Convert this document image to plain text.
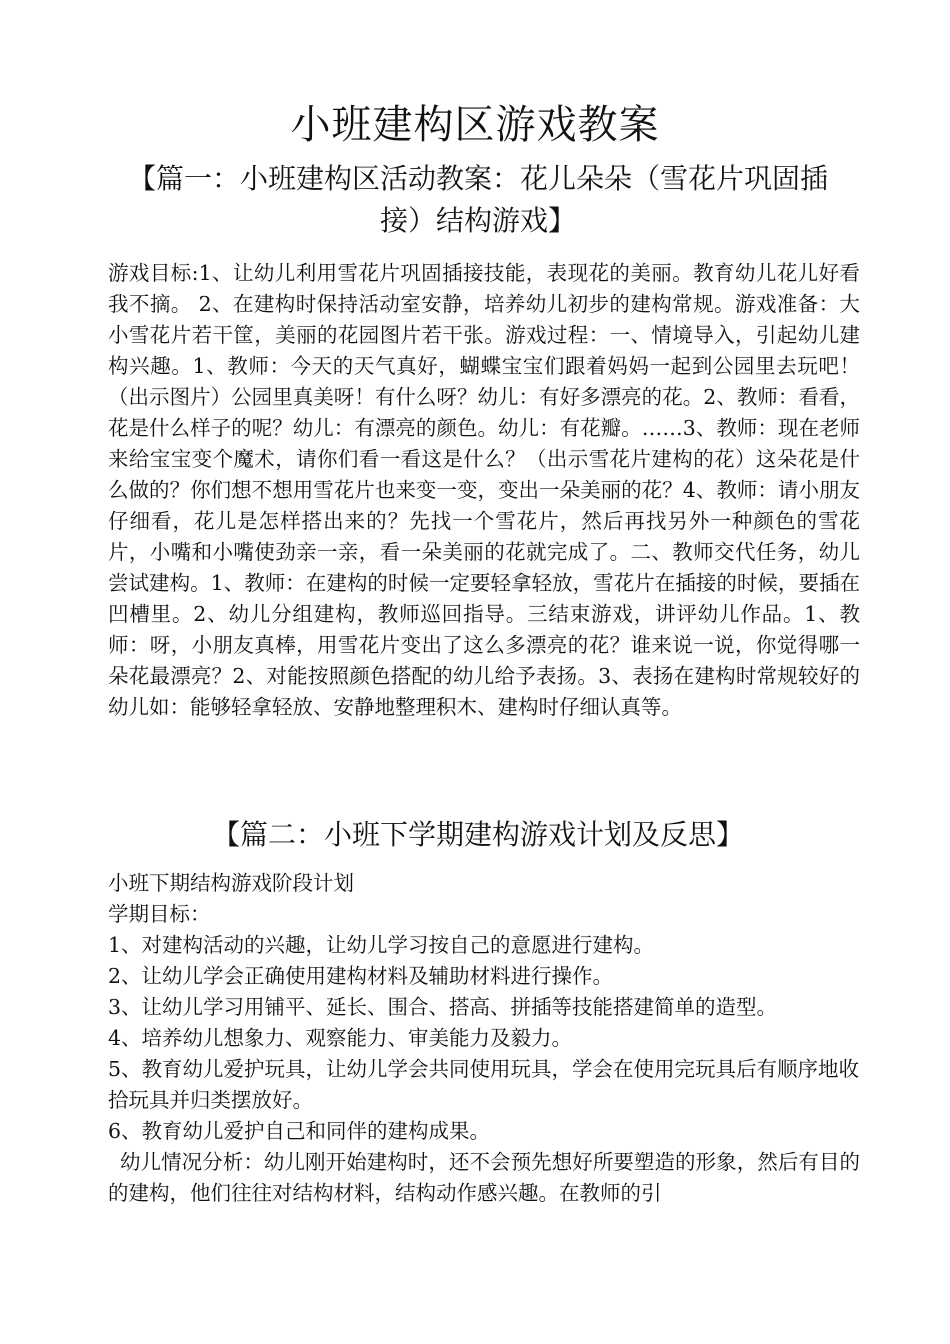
小班建构区游戏教案
【篇一：小班建构区活动教案：花儿朵朵（雪花片巩固插接）结构游戏】

游戏目标:1、让幼儿利用雪花片巩固插接技能，表现花的美丽。教育幼儿花儿好看我不摘。 2、在建构时保持活动室安静，培养幼儿初步的建构常规。游戏准备：大小雪花片若干筐，美丽的花园图片若干张。游戏过程：一、情境导入，引起幼儿建构兴趣。1、教师：今天的天气真好，蝴蝶宝宝们跟着妈妈一起到公园里去玩吧！（出示图片）公园里真美呀！有什么呀？幼儿：有好多漂亮的花。2、教师：看看，花是什么样子的呢？幼儿：有漂亮的颜色。幼儿：有花瓣。……3、教师：现在老师来给宝宝变个魔术，请你们看一看这是什么？（出示雪花片建构的花）这朵花是什么做的？你们想不想用雪花片也来变一变，变出一朵美丽的花？4、教师：请小朋友仔细看，花儿是怎样搭出来的？先找一个雪花片，然后再找另外一种颜色的雪花片，小嘴和小嘴使劲亲一亲，看一朵美丽的花就完成了。二、教师交代任务，幼儿尝试建构。1、教师：在建构的时候一定要轻拿轻放，雪花片在插接的时候，要插在凹槽里。2、幼儿分组建构，教师巡回指导。三结束游戏，讲评幼儿作品。1、教师：呀，小朋友真棒，用雪花片变出了这么多漂亮的花？谁来说一说，你觉得哪一朵花最漂亮？2、对能按照颜色搭配的幼儿给予表扬。3、表扬在建构时常规较好的幼儿如：能够轻拿轻放、安静地整理积木、建构时仔细认真等。

【篇二：小班下学期建构游戏计划及反思】
小班下期结构游戏阶段计划
学期目标：
1、对建构活动的兴趣，让幼儿学习按自己的意愿进行建构。
2、让幼儿学会正确使用建构材料及辅助材料进行操作。
3、让幼儿学习用铺平、延长、围合、搭高、拼插等技能搭建简单的造型。
4、培养幼儿想象力、观察能力、审美能力及毅力。
5、教育幼儿爱护玩具，让幼儿学会共同使用玩具，学会在使用完玩具后有顺序地收拾玩具并归类摆放好。
6、教育幼儿爱护自己和同伴的建构成果。

幼儿情况分析：幼儿刚开始建构时，还不会预先想好所要塑造的形象，然后有目的的建构，他们往往对结构材料，结构动作感兴趣。在教师的引
